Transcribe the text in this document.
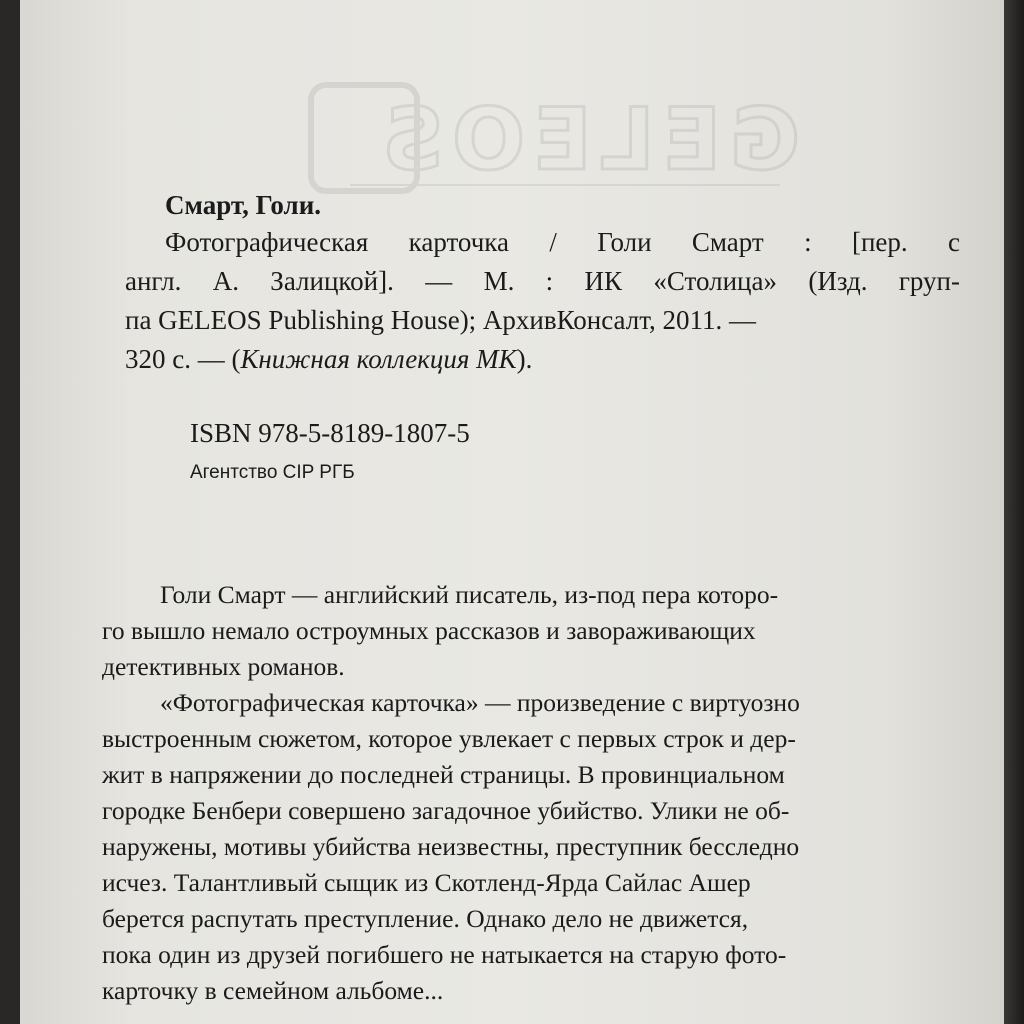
GELEOS
Смарт, Голи.
Фотографическая карточка / Голи Смарт : [пер. с
англ. А. Залицкой]. — М. : ИК «Столица» (Изд. груп-
па GELEOS Publishing House); АрхивКонсалт, 2011. —
320 с. — (Книжная коллекция МК).
ISBN 978-5-8189-1807-5
Агентство CIP РГБ
Голи Смарт — английский писатель, из-под пера которо-
го вышло немало остроумных рассказов и завораживающих
детективных романов.
«Фотографическая карточка» — произведение с виртуозно
выстроенным сюжетом, которое увлекает с первых строк и дер-
жит в напряжении до последней страницы. В провинциальном
городке Бенбери совершено загадочное убийство. Улики не об-
наружены, мотивы убийства неизвестны, преступник бесследно
исчез. Талантливый сыщик из Скотленд-Ярда Сайлас Ашер
берется распутать преступление. Однако дело не движется,
пока один из друзей погибшего не натыкается на старую фото-
карточку в семейном альбоме...
